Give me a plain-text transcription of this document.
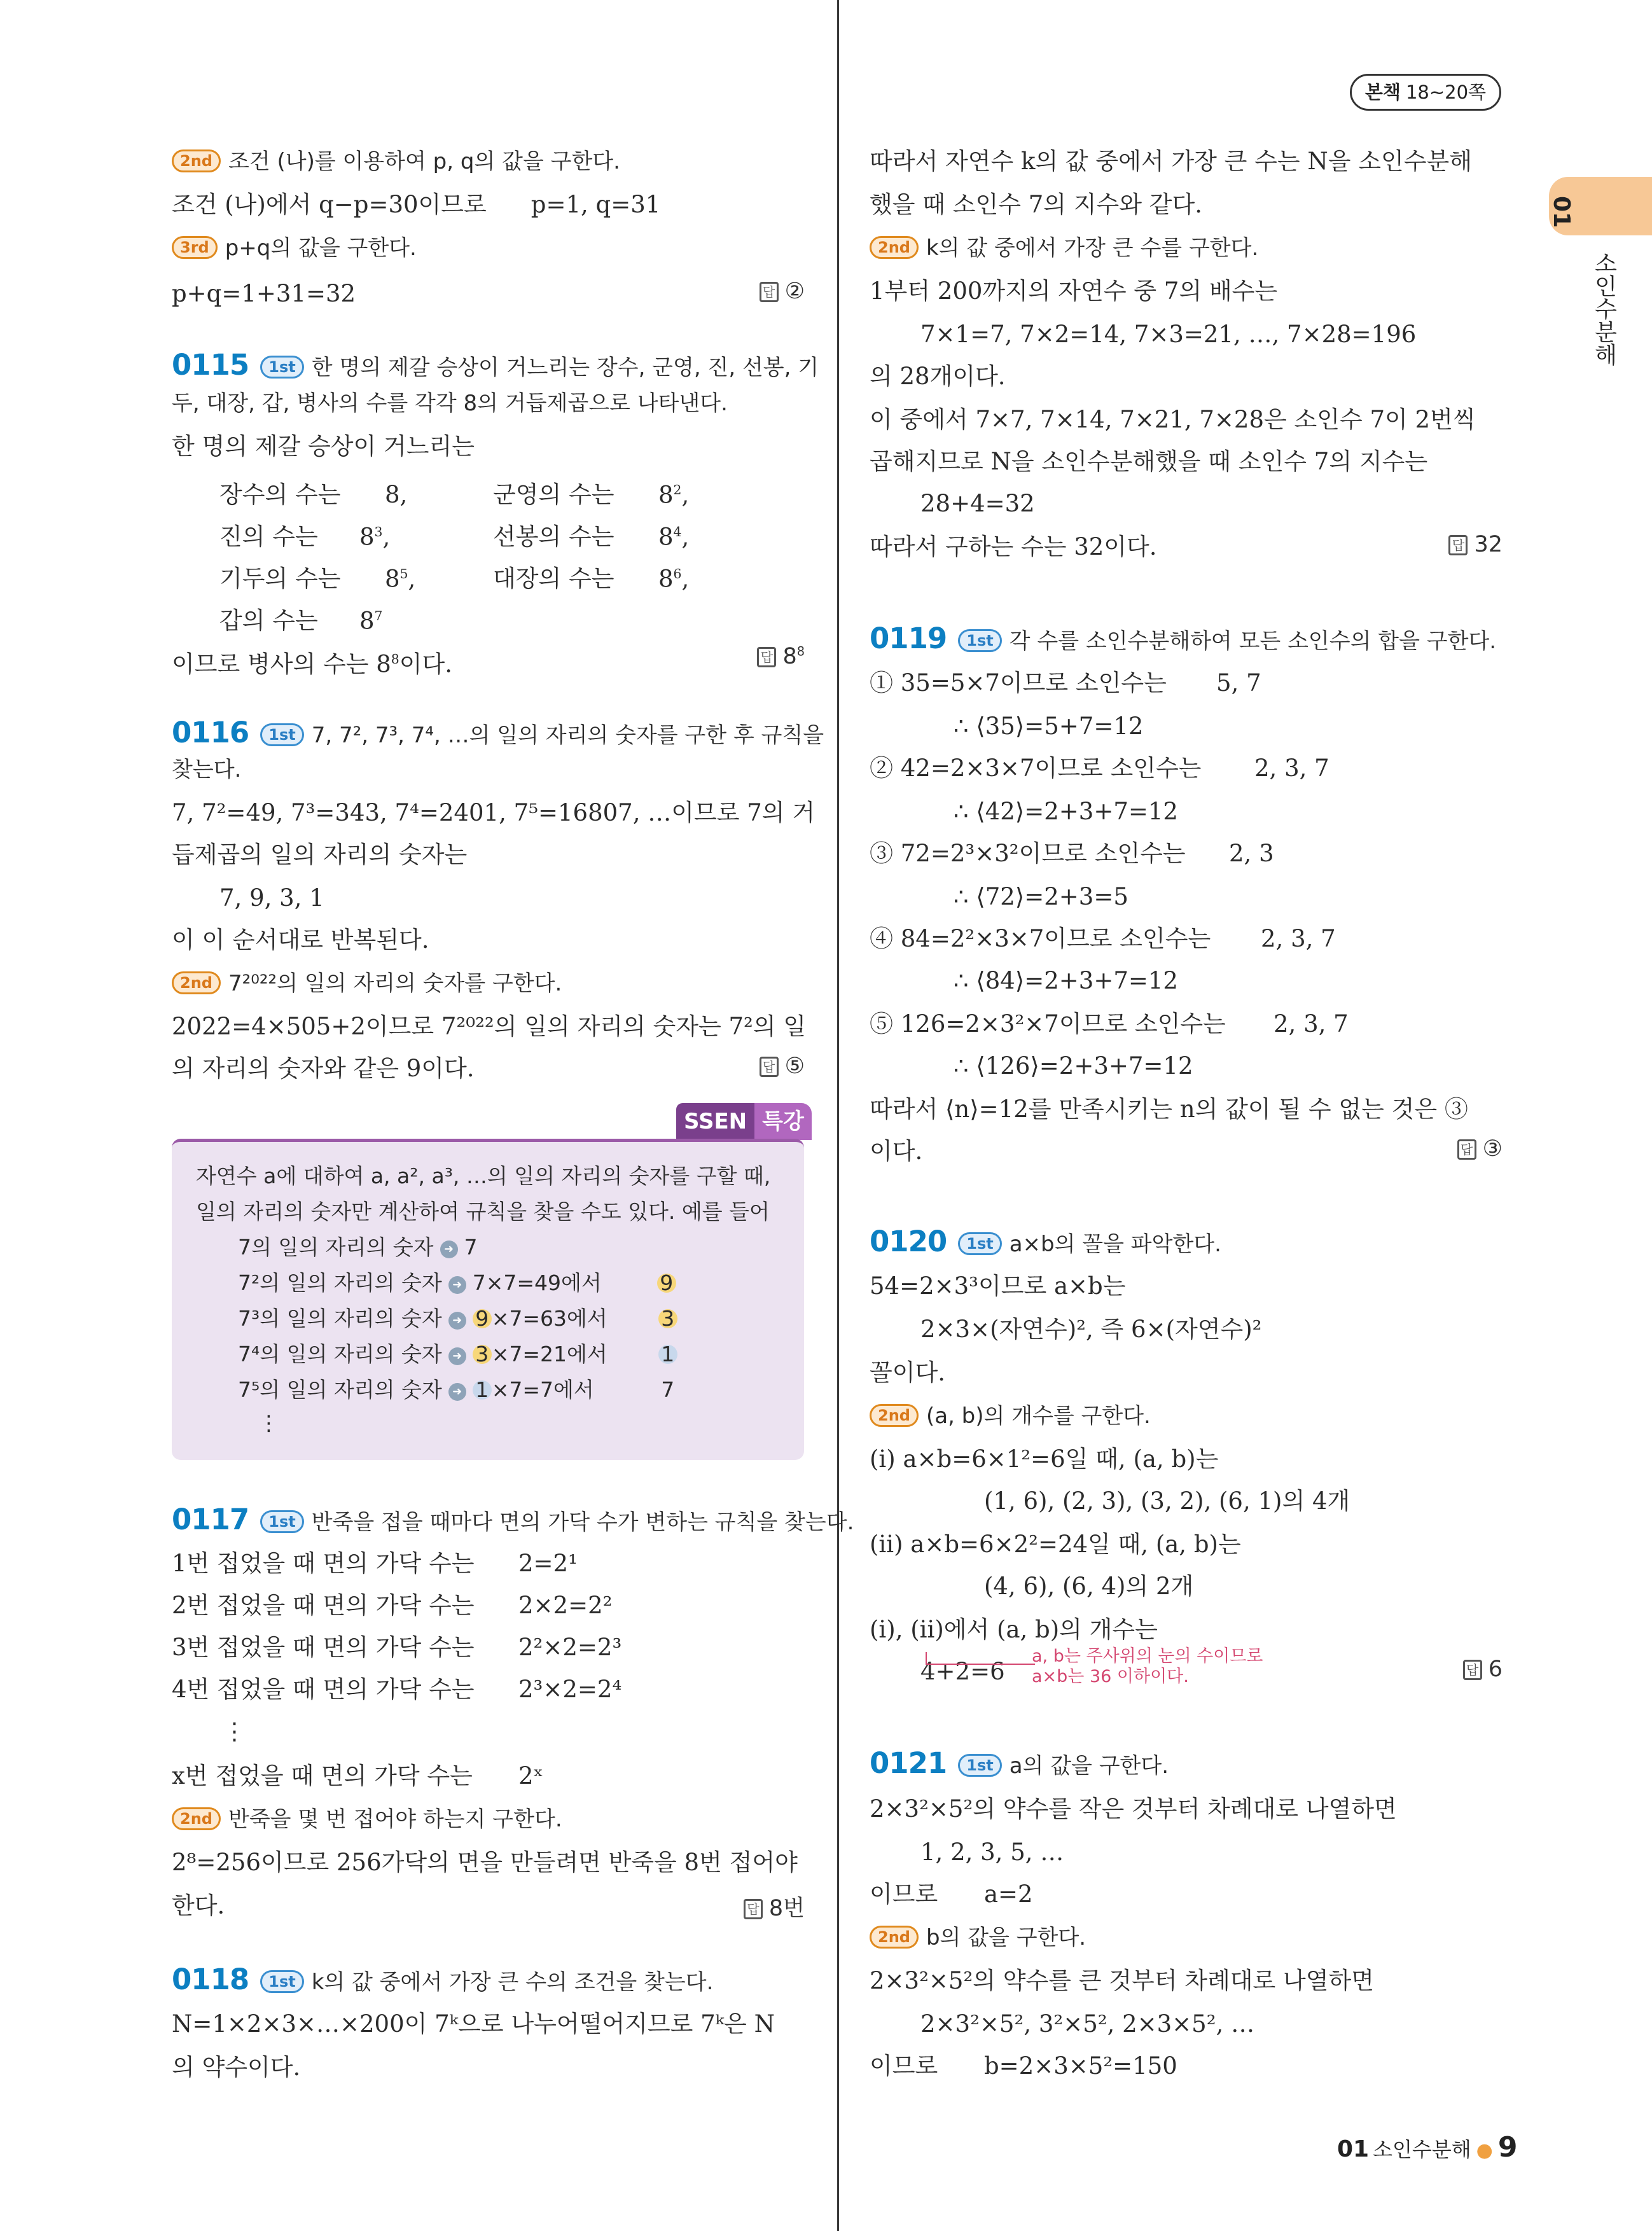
본책 18~20쪽
01
소인수분해
2nd 조건 (나)를 이용하여 p, q의 값을 구한다.
조건 (나)에서 q−p=30이므로 p=1, q=31
3rd p+q의 값을 구한다.
p+q=1+31=32	답 ②
0115 1st 한 명의 제갈 승상이 거느리는 장수, 군영, 진, 선봉, 기
두, 대장, 갑, 병사의 수를 각각 8의 거듭제곱으로 나타낸다.
한 명의 제갈 승상이 거느리는
장수의 수는 8,	군영의 수는 $8^2$,
진의 수는 $8^3$,	선봉의 수는 $8^4$,
기두의 수는 $8^5$,	대장의 수는 $8^6$,
갑의 수는 $8^7$
이므로 병사의 수는 $8^8$이다.	답 $8^8$
0116 1st 7, 7², 7³, 7⁴, …의 일의 자리의 숫자를 구한 후 규칙을
찾는다.
7, 7²=49, 7³=343, 7⁴=2401, 7⁵=16807, …이므로 7의 거
듭제곱의 일의 자리의 숫자는
7, 9, 3, 1
이 이 순서대로 반복된다.
2nd 7²⁰²²의 일의 자리의 숫자를 구한다.
2022=4×505+2이므로 7²⁰²²의 일의 자리의 숫자는 7²의 일
의 자리의 숫자와 같은 9이다.	답 ⑤
SSEN 특강
자연수 a에 대하여 a, a², a³, …의 일의 자리의 숫자를 구할 때,
일의 자리의 숫자만 계산하여 규칙을 찾을 수도 있다. 예를 들어
7의 일의 자리의 숫자 ➜ 7
7²의 일의 자리의 숫자 ➜ 7×7=49에서	9
7³의 일의 자리의 숫자 ➜ 9 ×7=63에서	3
7⁴의 일의 자리의 숫자 ➜ 3 ×7=21에서	1
7⁵의 일의 자리의 숫자 ➜ 1 ×7=7에서	7
⋮
0117 1st 반죽을 접을 때마다 면의 가닥 수가 변하는 규칙을 찾는다.
1번 접었을 때 면의 가닥 수는 2=2¹
2번 접었을 때 면의 가닥 수는 2×2=2²
3번 접었을 때 면의 가닥 수는 2²×2=2³
4번 접었을 때 면의 가닥 수는 2³×2=2⁴
⋮
x번 접었을 때 면의 가닥 수는 2ˣ
2nd 반죽을 몇 번 접어야 하는지 구한다.
2⁸=256이므로 256가닥의 면을 만들려면 반죽을 8번 접어야
한다.	답 8번
0118 1st k의 값 중에서 가장 큰 수의 조건을 찾는다.
N=1×2×3×…×200이 7ᵏ으로 나누어떨어지므로 7ᵏ은 N
의 약수이다.
따라서 자연수 k의 값 중에서 가장 큰 수는 N을 소인수분해
했을 때 소인수 7의 지수와 같다.
2nd k의 값 중에서 가장 큰 수를 구한다.
1부터 200까지의 자연수 중 7의 배수는
7×1=7, 7×2=14, 7×3=21, …, 7×28=196
의 28개이다.
이 중에서 7×7, 7×14, 7×21, 7×28은 소인수 7이 2번씩
곱해지므로 N을 소인수분해했을 때 소인수 7의 지수는
28+4=32
따라서 구하는 수는 32이다.	답 32
0119 1st 각 수를 소인수분해하여 모든 소인수의 합을 구한다.
① 35=5×7이므로 소인수는 5, 7
∴ ⟨35⟩=5+7=12
② 42=2×3×7이므로 소인수는 2, 3, 7
∴ ⟨42⟩=2+3+7=12
③ 72=2³×3²이므로 소인수는 2, 3
∴ ⟨72⟩=2+3=5
④ 84=2²×3×7이므로 소인수는 2, 3, 7
∴ ⟨84⟩=2+3+7=12
⑤ 126=2×3²×7이므로 소인수는 2, 3, 7
∴ ⟨126⟩=2+3+7=12
따라서 ⟨n⟩=12를 만족시키는 n의 값이 될 수 없는 것은 ③
이다.	답 ③
0120 1st a×b의 꼴을 파악한다.
54=2×3³이므로 a×b는
2×3×(자연수)², 즉 6×(자연수)²
꼴이다.
2nd (a, b)의 개수를 구한다.
(ⅰ) a×b=6×1²=6일 때, (a, b)는
(1, 6), (2, 3), (3, 2), (6, 1)의 4개
(ⅱ) a×b=6×2²=24일 때, (a, b)는
(4, 6), (6, 4)의 2개
(ⅰ), (ⅱ)에서 (a, b)의 개수는
4+2=6
a, b는 주사위의 눈의 수이므로
a×b는 36 이하이다.	답 6
0121 1st a의 값을 구한다.
2×3²×5²의 약수를 작은 것부터 차례대로 나열하면
1, 2, 3, 5, …
이므로 a=2
2nd b의 값을 구한다.
2×3²×5²의 약수를 큰 것부터 차례대로 나열하면
2×3²×5², 3²×5², 2×3×5², …
이므로 b=2×3×5²=150
01 소인수분해 ● 9
